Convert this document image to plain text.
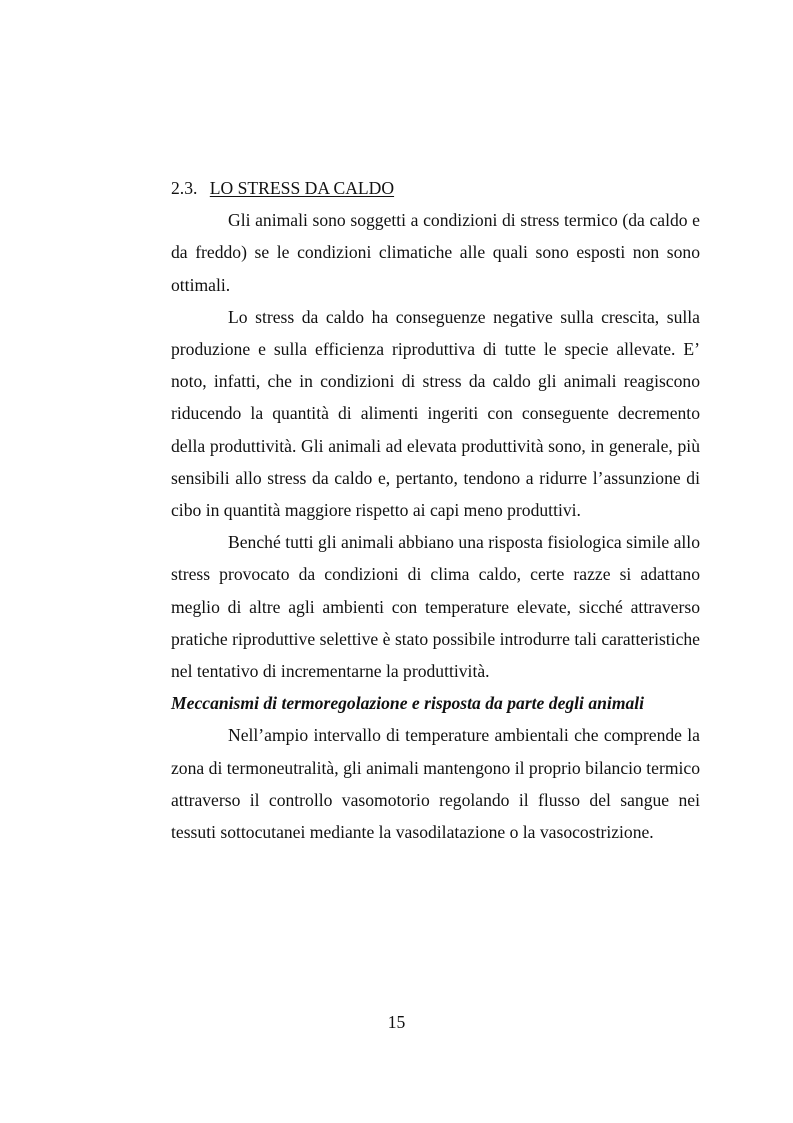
2.3. LO STRESS DA CALDO

Gli animali sono soggetti a condizioni di stress termico (da caldo e da freddo) se le condizioni climatiche alle quali sono esposti non sono ottimali.

Lo stress da caldo ha conseguenze negative sulla crescita, sulla produzione e sulla efficienza riproduttiva di tutte le specie allevate. E’ noto, infatti, che in condizioni di stress da caldo gli animali reagiscono riducendo la quantità di alimenti ingeriti con conseguente decremento della produttività. Gli animali ad elevata produttività sono, in generale, più sensibili allo stress da caldo e, pertanto, tendono a ridurre l’assunzione di cibo in quantità maggiore rispetto ai capi meno produttivi.

Benché tutti gli animali abbiano una risposta fisiologica simile allo stress provocato da condizioni di clima caldo, certe razze si adattano meglio di altre agli ambienti con temperature elevate, sicché attraverso pratiche riproduttive selettive è stato possibile introdurre tali caratteristiche nel tentativo di incrementarne la produttività.

Meccanismi di termoregolazione e risposta da parte degli animali

Nell’ampio intervallo di temperature ambientali che comprende la zona di termoneutralità, gli animali mantengono il proprio bilancio termico attraverso il controllo vasomotorio regolando il flusso del sangue nei tessuti sottocutanei mediante la vasodilatazione o la vasocostrizione.

15
